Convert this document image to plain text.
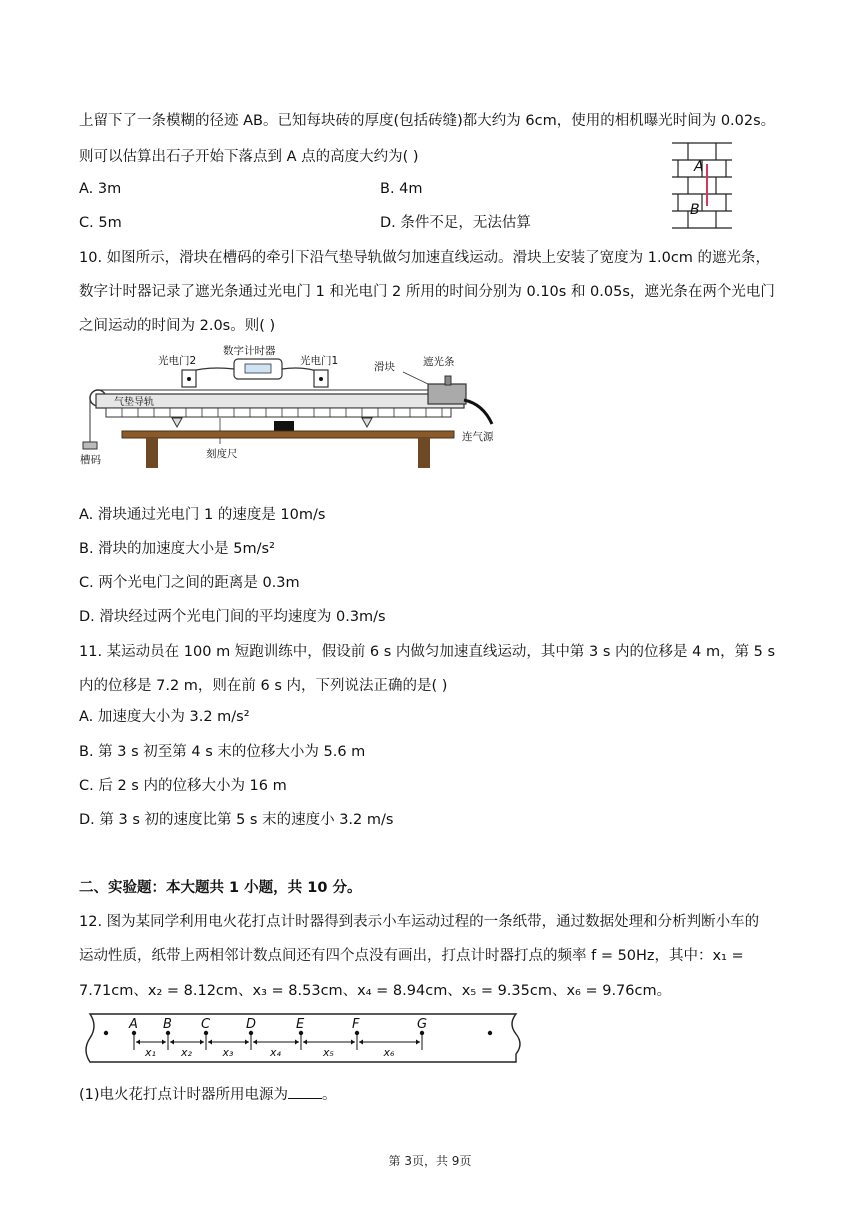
上留下了一条模糊的径迹 AB。已知每块砖的厚度(包括砖缝)都大约为 6cm，使用的相机曝光时间为 0.02s。
则可以估算出石子开始下落点到 A 点的高度大约为( )
A. 3m	B. 4m
C. 5m	D. 条件不足，无法估算
A
B
10. 如图所示，滑块在槽码的牵引下沿气垫导轨做匀加速直线运动。滑块上安装了宽度为 1.0cm 的遮光条，
数字计时器记录了遮光条通过光电门 1 和光电门 2 所用的时间分别为 0.10s 和 0.05s，遮光条在两个光电门
之间运动的时间为 2.0s。则( )
数字计时器
光电门2	光电门1
槽码
气垫导轨
刻度尺
滑块	遮光条
连气源
A. 滑块通过光电门 1 的速度是 10m/s
B. 滑块的加速度大小是 5m/s²
C. 两个光电门之间的距离是 0.3m
D. 滑块经过两个光电门间的平均速度为 0.3m/s
11. 某运动员在 100 m 短跑训练中，假设前 6 s 内做匀加速直线运动，其中第 3 s 内的位移是 4 m，第 5 s
内的位移是 7.2 m，则在前 6 s 内，下列说法正确的是( )
A. 加速度大小为 3.2 m/s²
B. 第 3 s 初至第 4 s 末的位移大小为 5.6 m
C. 后 2 s 内的位移大小为 16 m
D. 第 3 s 初的速度比第 5 s 末的速度小 3.2 m/s
二、实验题：本大题共 1 小题，共 10 分。
12. 图为某同学利用电火花打点计时器得到表示小车运动过程的一条纸带，通过数据处理和分析判断小车的
运动性质，纸带上两相邻计数点间还有四个点没有画出，打点计时器打点的频率 f = 50Hz，其中：x₁ =
7.71cm、x₂ = 8.12cm、x₃ = 8.53cm、x₄ = 8.94cm、x₅ = 9.35cm、x₆ = 9.76cm。
A B C	D	E	F	G
x₁ x₂	x₃	x₄	x₅	x₆
(1)电火花打点计时器所用电源为 。
第 3页，共 9页
